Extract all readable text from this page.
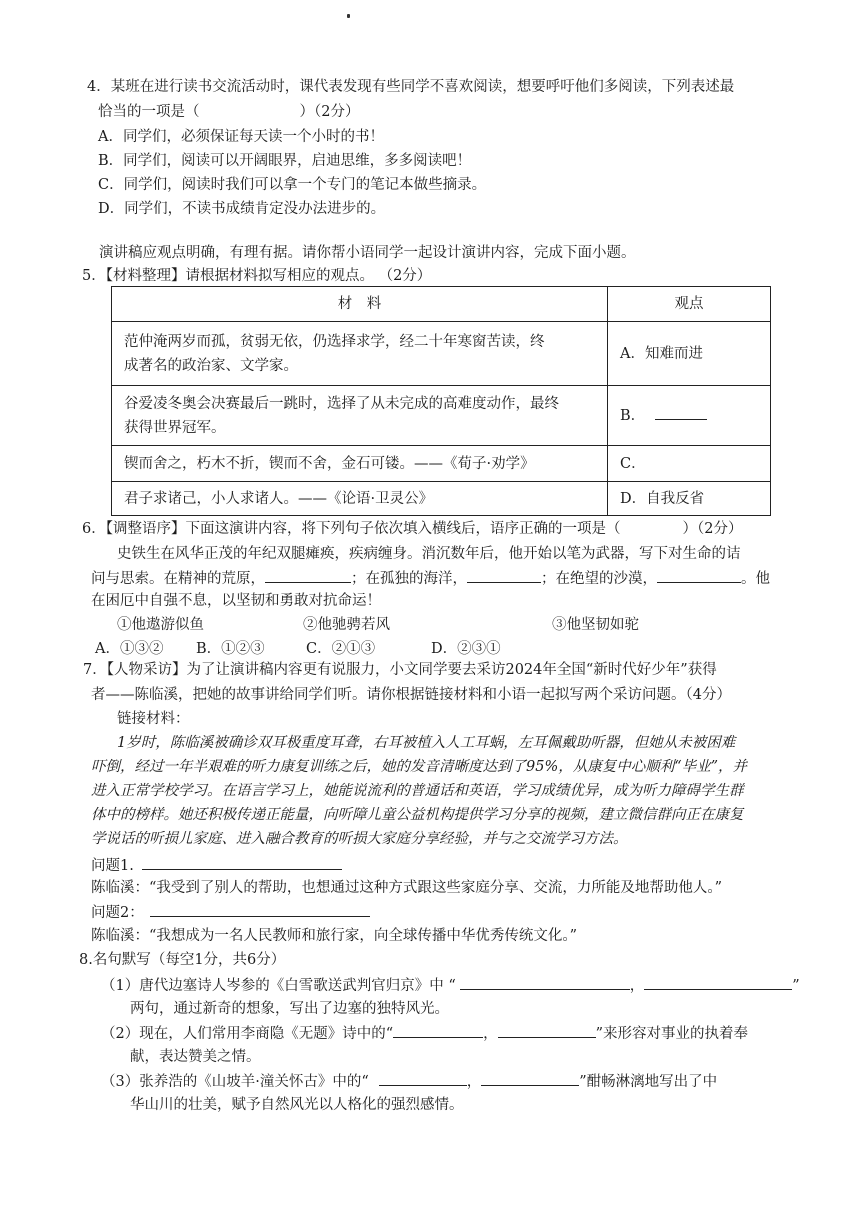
4．某班在进行读书交流活动时，课代表发现有些同学不喜欢阅读，想要呼吁他们多阅读，下列表述最
恰当的一项是（	）（2分）
A．同学们，必须保证每天读一个小时的书！
B．同学们，阅读可以开阔眼界，启迪思维，多多阅读吧！
C．同学们，阅读时我们可以拿一个专门的笔记本做些摘录。
D．同学们，不读书成绩肯定没办法进步的。
演讲稿应观点明确，有理有据。请你帮小语同学一起设计演讲内容，完成下面小题。
5．【材料整理】请根据材料拟写相应的观点。 （2分）
材　料	观点
范仲淹两岁而孤，贫弱无依，仍选择求学，经二十年寒窗苦读，终
成著名的政治家、文学家。	A．知难而进
谷爱凌冬奥会决赛最后一跳时，选择了从未完成的高难度动作，最终
获得世界冠军。	B．
锲而舍之，朽木不折，锲而不舍，金石可镂。——《荀子·劝学》	C．
君子求诸己，小人求诸人。——《论语·卫灵公》	D．自我反省
6．【调整语序】下面这演讲内容，将下列句子依次填入横线后，语序正确的一项是（	）（2分）
史铁生在风华正茂的年纪双腿瘫痪，疾病缠身。消沉数年后，他开始以笔为武器，写下对生命的诘
问与思索。在精神的荒原，	；在孤独的海洋，	；在绝望的沙漠，	。他
在困厄中自强不息，以坚韧和勇敢对抗命运！
①他遨游似鱼	②他驰骋若风	③他坚韧如驼
A．①③② B．①②③	C．②①③	D．②③①
7．【人物采访】为了让演讲稿内容更有说服力，小文同学要去采访2024年全国“新时代好少年”获得
者——陈临溪，把她的故事讲给同学们听。请你根据链接材料和小语一起拟写两个采访问题。（4分）
链接材料：
1岁时，陈临溪被确诊双耳极重度耳聋，右耳被植入人工耳蜗，左耳佩戴助听器，但她从未被困难
吓倒，经过一年半艰难的听力康复训练之后，她的发音清晰度达到了95%，从康复中心顺利“毕业”，并
进入正常学校学习。在语言学习上，她能说流利的普通话和英语，学习成绩优异，成为听力障碍学生群
体中的榜样。她还积极传递正能量，向听障儿童公益机构提供学习分享的视频，建立微信群向正在康复
学说话的听损儿家庭、进入融合教育的听损大家庭分享经验，并与之交流学习方法。
问题1.
陈临溪：“我受到了别人的帮助，也想通过这种方式跟这些家庭分享、交流，力所能及地帮助他人。”
问题2：
陈临溪：“我想成为一名人民教师和旅行家，向全球传播中华优秀传统文化。”
8.名句默写（每空1分，共6分）
（1）唐代边塞诗人岑参的《白雪歌送武判官归京》中 “	，	”
两句，通过新奇的想象，写出了边塞的独特风光。
（2）现在，人们常用李商隐《无题》诗中的“	，	”来形容对事业的执着奉
献，表达赞美之情。
（3）张养浩的《山坡羊·潼关怀古》中的“	，	”酣畅淋漓地写出了中
华山川的壮美，赋予自然风光以人格化的强烈感情。
